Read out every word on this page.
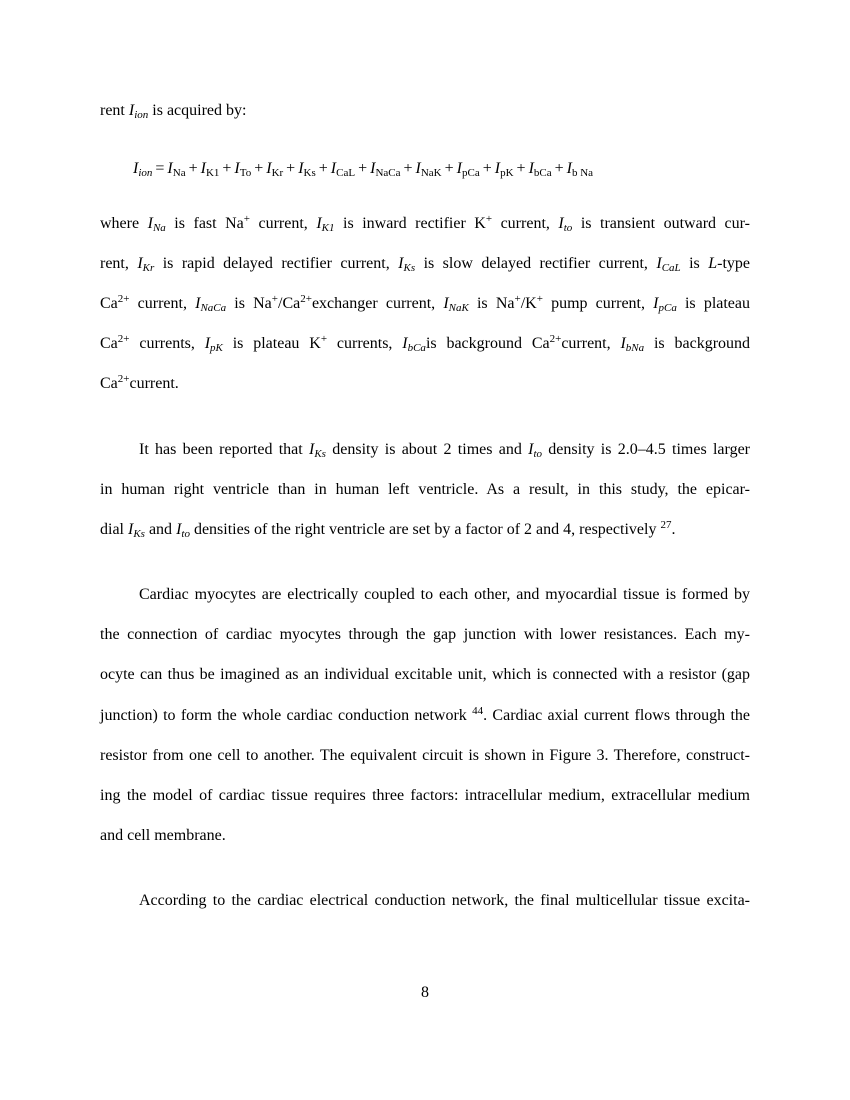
rent $I_{ion}$ is acquired by:
$I_{ion} = I_{Na} + I_{K1} + I_{To} + I_{Kr} + I_{Ks} + I_{CaL} + I_{NaCa} + I_{NaK} + I_{pCa} + I_{pK} + I_{bCa} + I_{b Na}$
where $I_{Na}$ is fast Na+ current, $I_{K1}$ is inward rectifier K+ current, $I_{to}$ is transient outward cur-
rent, $I_{Kr}$ is rapid delayed rectifier current, $I_{Ks}$ is slow delayed rectifier current, $I_{CaL}$ is L-type
$Ca^{2+}$ current, $I_{NaCa}$ is $Na^+/Ca^{2+}exchanger$ current, $I_{NaK}$ is Na+/K+ pump current, $I_{pCa}$ is plateau
$Ca^{2+}$ currents, $I_{pK}$ is plateau K+ currents, $I_{bCa}is$ background $Ca^{2+}current$, $I_{bNa}$ is background
$Ca^{2+}current$.
It has been reported that $I_{Ks}$ density is about 2 times and $I_{to}$ density is 2.0–4.5 times larger
in human right ventricle than in human left ventricle. As a result, in this study, the epicar-
dial $I_{Ks}$ and $I_{to}$ densities of the right ventricle are set by a factor of 2 and 4, respectively $^{27}$.
Cardiac myocytes are electrically coupled to each other, and myocardial tissue is formed by
the connection of cardiac myocytes through the gap junction with lower resistances. Each my-
ocyte can thus be imagined as an individual excitable unit, which is connected with a resistor (gap
junction) to form the whole cardiac conduction network $^{44}$. Cardiac axial current flows through the
resistor from one cell to another. The equivalent circuit is shown in Figure 3. Therefore, construct-
ing the model of cardiac tissue requires three factors: intracellular medium, extracellular medium
and cell membrane.
According to the cardiac electrical conduction network, the final multicellular tissue excita-
8
